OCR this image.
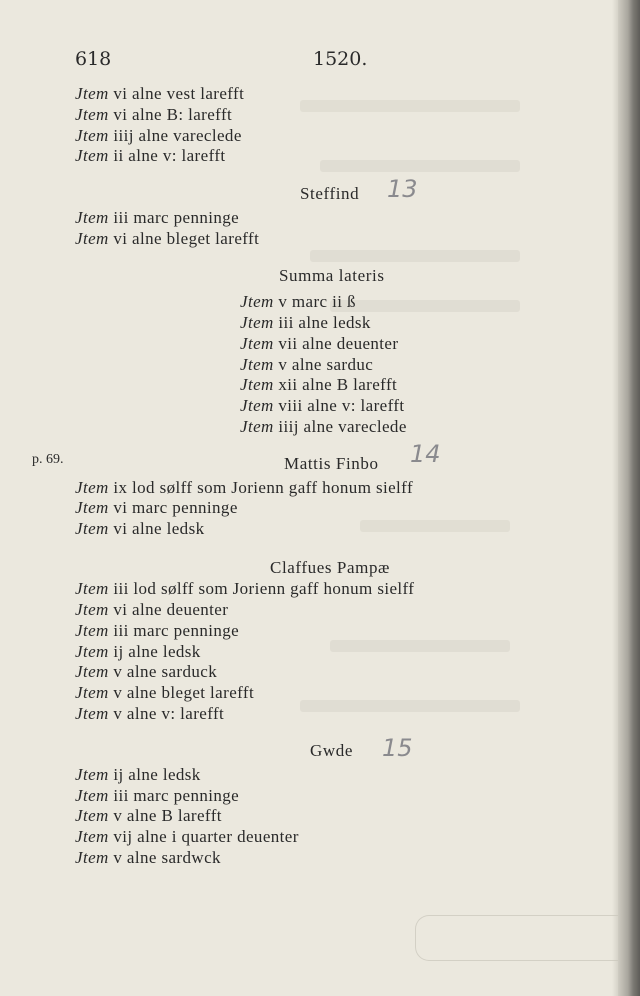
618	1520.
p. 69.
Jtem vi alne vest larefft
Jtem vi alne B: larefft
Jtem iiij alne vareclede
Jtem ii alne v: larefft
Steffind
Jtem iii marc penninge
Jtem vi alne bleget larefft
Summa lateris
Jtem v marc ii ß
Jtem iii alne ledsk
Jtem vii alne deuenter
Jtem v alne sarduc
Jtem xii alne B larefft
Jtem viii alne v: larefft
Jtem iiij alne vareclede
Mattis Finbo
Jtem ix lod sølff som Jorienn gaff honum sielff
Jtem vi marc penninge
Jtem vi alne ledsk
Claffues Pampæ
Jtem iii lod sølff som Jorienn gaff honum sielff
Jtem vi alne deuenter
Jtem iii marc penninge
Jtem ij alne ledsk
Jtem v alne sarduck
Jtem v alne bleget larefft
Jtem v alne v: larefft
Gwde
Jtem ij alne ledsk
Jtem iii marc penninge
Jtem v alne B larefft
Jtem vij alne i quarter deuenter
Jtem v alne sardwck
13
14
15
